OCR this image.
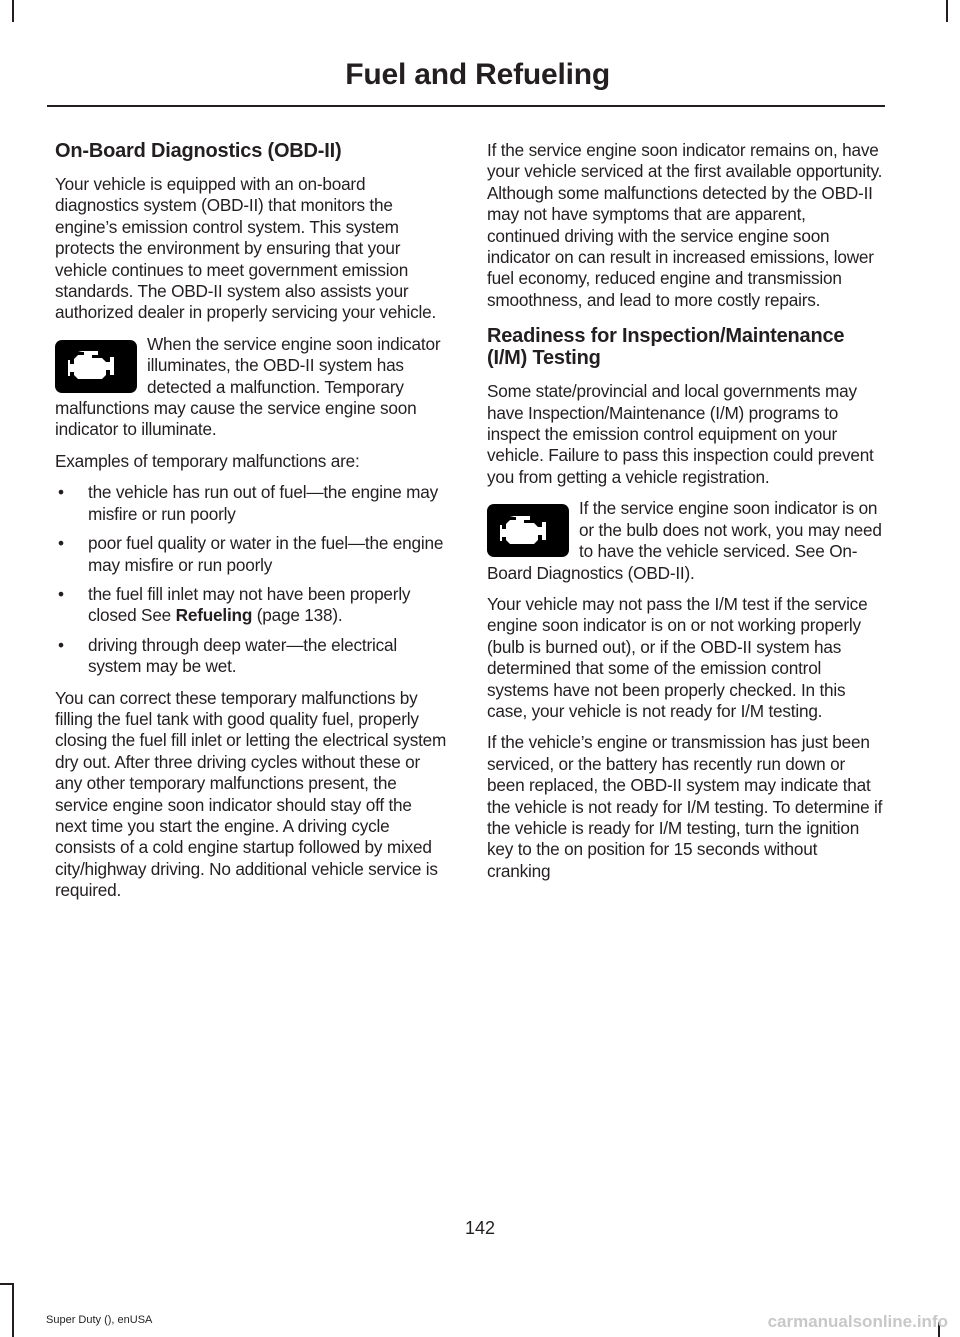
Fuel and Refueling
On-Board Diagnostics (OBD-II)

Your vehicle is equipped with an on-board diagnostics system (OBD-II) that monitors the engine’s emission control system. This system protects the environment by ensuring that your vehicle continues to meet government emission standards. The OBD-II system also assists your authorized dealer in properly servicing your vehicle.

When the service engine soon indicator illuminates, the OBD-II system has detected a malfunction. Temporary malfunctions may cause the service engine soon indicator to illuminate.

Examples of temporary malfunctions are:

• the vehicle has run out of fuel—the engine may misfire or run poorly
• poor fuel quality or water in the fuel—the engine may misfire or run poorly
• the fuel fill inlet may not have been properly closed See Refueling (page 138).
• driving through deep water—the electrical system may be wet.

You can correct these temporary malfunctions by filling the fuel tank with good quality fuel, properly closing the fuel fill inlet or letting the electrical system dry out. After three driving cycles without these or any other temporary malfunctions present, the service engine soon indicator should stay off the next time you start the engine. A driving cycle consists of a cold engine startup followed by mixed city/highway driving. No additional vehicle service is required.

If the service engine soon indicator remains on, have your vehicle serviced at the first available opportunity. Although some malfunctions detected by the OBD-II may not have symptoms that are apparent, continued driving with the service engine soon indicator on can result in increased emissions, lower fuel economy, reduced engine and transmission smoothness, and lead to more costly repairs.

Readiness for Inspection/Maintenance (I/M) Testing

Some state/provincial and local governments may have Inspection/Maintenance (I/M) programs to inspect the emission control equipment on your vehicle. Failure to pass this inspection could prevent you from getting a vehicle registration.

If the service engine soon indicator is on or the bulb does not work, you may need to have the vehicle serviced. See On-Board Diagnostics (OBD-II).

Your vehicle may not pass the I/M test if the service engine soon indicator is on or not working properly (bulb is burned out), or if the OBD-II system has determined that some of the emission control systems have not been properly checked. In this case, your vehicle is not ready for I/M testing.

If the vehicle’s engine or transmission has just been serviced, or the battery has recently run down or been replaced, the OBD-II system may indicate that the vehicle is not ready for I/M testing. To determine if the vehicle is ready for I/M testing, turn the ignition key to the on position for 15 seconds without cranking

142
Super Duty (), enUSA	carmanualsonline.info
